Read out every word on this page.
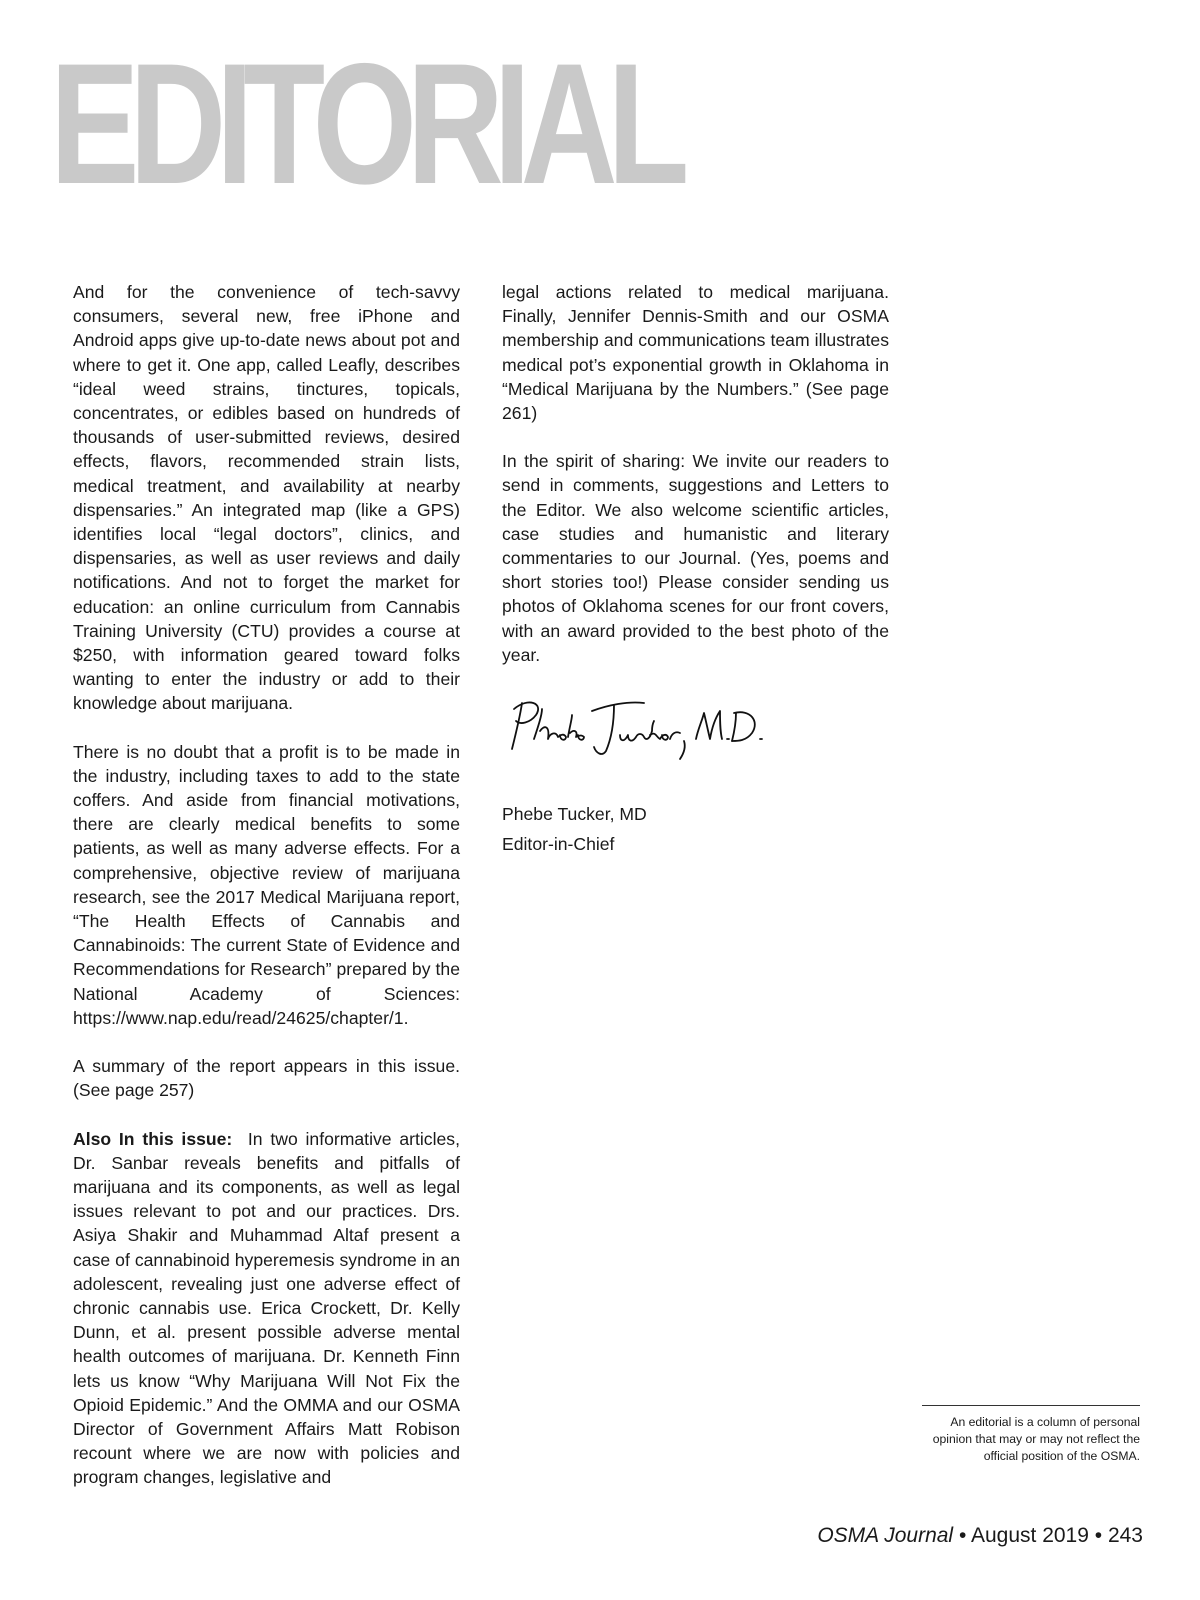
EDITORIAL

And for the convenience of tech-savvy consumers, several new, free iPhone and Android apps give up-to-date news about pot and where to get it. One app, called Leafly, describes “ideal weed strains, tinctures, topicals, concentrates, or edibles based on hundreds of thousands of user-submitted reviews, desired effects, flavors, recommended strain lists, medical treatment, and availability at nearby dispensaries.” An integrated map (like a GPS) identifies local “legal doctors”, clinics, and dispensaries, as well as user reviews and daily notifications. And not to forget the market for education: an online curriculum from Cannabis Training University (CTU) provides a course at $250, with information geared toward folks wanting to enter the industry or add to their knowledge about marijuana.

There is no doubt that a profit is to be made in the industry, including taxes to add to the state coffers. And aside from financial motivations, there are clearly medical benefits to some patients, as well as many adverse effects. For a comprehensive, objective review of marijuana research, see the 2017 Medical Marijuana report, “The Health Effects of Cannabis and Cannabinoids: The current State of Evidence and Recommendations for Research” prepared by the National Academy of Sciences: https://www.nap.edu/read/24625/chapter/1.

A summary of the report appears in this issue. (See page 257)

Also In this issue: In two informative articles, Dr. Sanbar reveals benefits and pitfalls of marijuana and its components, as well as legal issues relevant to pot and our practices. Drs. Asiya Shakir and Muhammad Altaf present a case of cannabinoid hyperemesis syndrome in an adolescent, revealing just one adverse effect of chronic cannabis use. Erica Crockett, Dr. Kelly Dunn, et al. present possible adverse mental health outcomes of marijuana. Dr. Kenneth Finn lets us know “Why Marijuana Will Not Fix the Opioid Epidemic.” And the OMMA and our OSMA Director of Government Affairs Matt Robison recount where we are now with policies and program changes, legislative and

legal actions related to medical marijuana. Finally, Jennifer Dennis-Smith and our OSMA membership and communications team illustrates medical pot’s exponential growth in Oklahoma in “Medical Marijuana by the Numbers.” (See page 261)

In the spirit of sharing: We invite our readers to send in comments, suggestions and Letters to the Editor. We also welcome scientific articles, case studies and humanistic and literary commentaries to our Journal. (Yes, poems and short stories too!) Please consider sending us photos of Oklahoma scenes for our front covers, with an award provided to the best photo of the year.

Phebe Tucker, MD

Editor-in-Chief

An editorial is a column of personal opinion that may or may not reflect the official position of the OSMA.
OSMA Journal • August 2019 • 243
